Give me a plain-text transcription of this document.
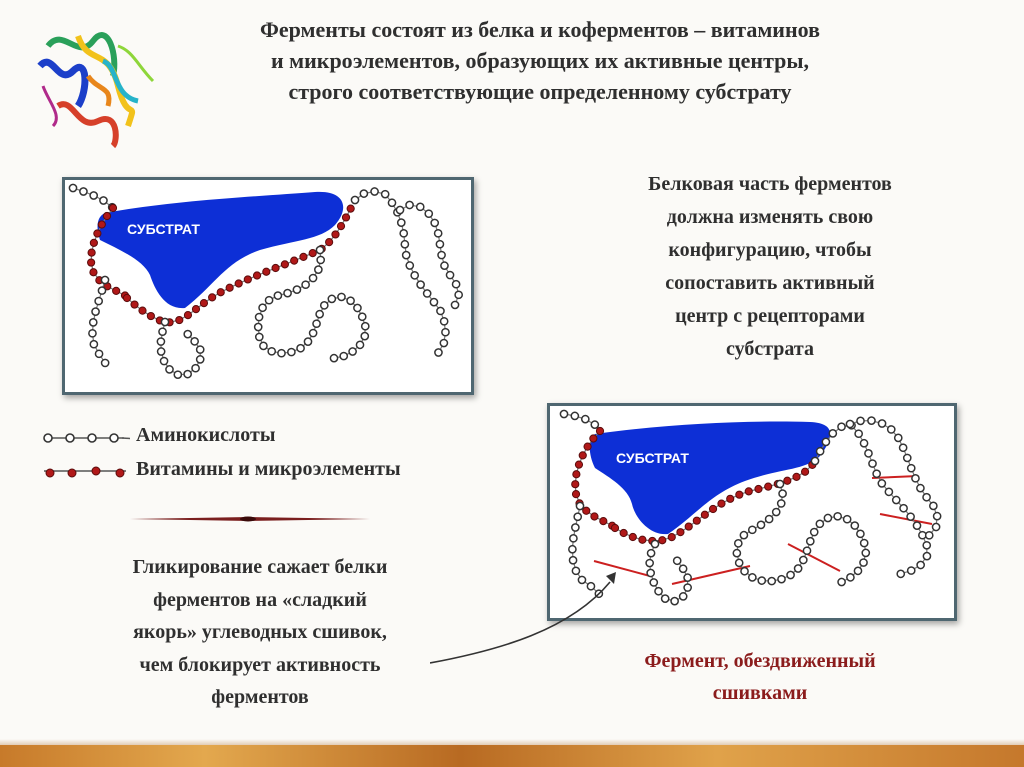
Ферменты состоят из белка и коферментов – витаминов
и микроэлементов, образующих их активные центры,
строго соответствующие определенному субстрату
СУБСТРАТ
Белковая часть ферментов
должна изменять свою
конфигурацию, чтобы
сопоставить активный
центр с рецепторами
субстрата
Аминокислоты
Витамины и микроэлементы
Гликирование сажает белки
ферментов на «сладкий
якорь» углеводных сшивок,
чем блокирует активность
ферментов
СУБСТРАТ
Фермент, обездвиженный
сшивками
